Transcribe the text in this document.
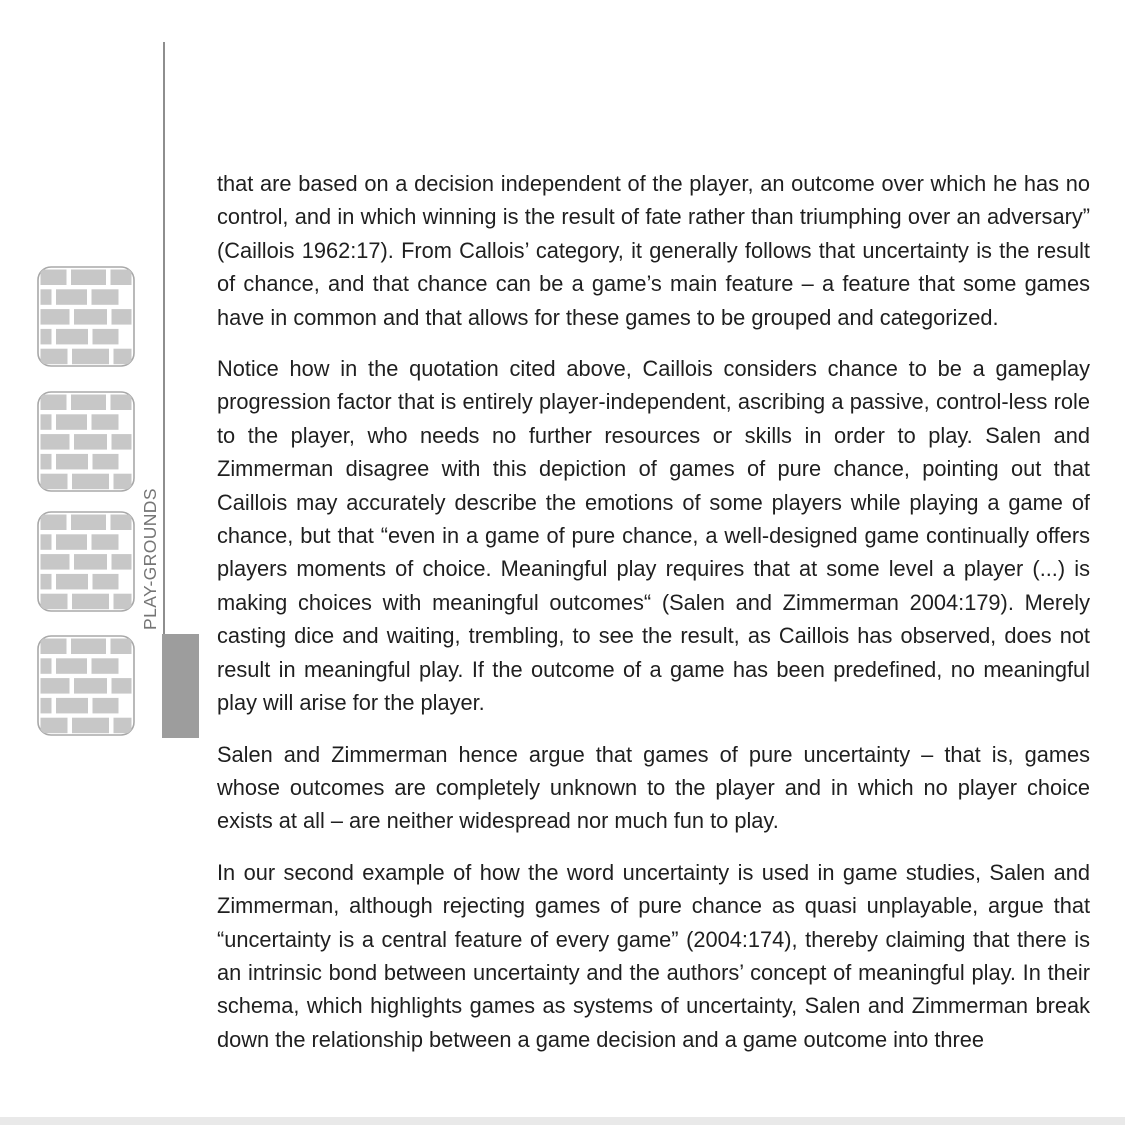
PLAY-GROUNDS
332

that are based on a decision independent of the player, an outcome over which he has no control, and in which winning is the result of fate rather than triumphing over an adversary” (Caillois 1962:17). From Callois’ category, it generally follows that uncertainty is the result of chance, and that chance can be a game’s main feature – a feature that some games have in common and that allows for these games to be grouped and categorized.

Notice how in the quotation cited above, Caillois considers chance to be a gameplay progression factor that is entirely player-independent, ascribing a passive, control-less role to the player, who needs no further resources or skills in order to play. Salen and Zimmerman disagree with this depiction of games of pure chance, pointing out that Caillois may accurately describe the emotions of some players while playing a game of chance, but that “even in a game of pure chance, a well-designed game continually offers players moments of choice. Meaningful play requires that at some level a player (...) is making choices with meaningful outcomes“ (Salen and Zimmerman 2004:179). Merely casting dice and waiting, trembling, to see the result, as Caillois has observed, does not result in meaningful play. If the outcome of a game has been predefined, no meaningful play will arise for the player.

Salen and Zimmerman hence argue that games of pure uncertainty – that is, games whose outcomes are completely unknown to the player and in which no player choice exists at all – are neither widespread nor much fun to play.

In our second example of how the word uncertainty is used in game studies, Salen and Zimmerman, although rejecting games of pure chance as quasi unplayable, argue that “uncertainty is a central feature of every game” (2004:174), thereby claiming that there is an intrinsic bond between uncertainty and the authors’ concept of meaningful play. In their schema, which highlights games as systems of uncertainty, Salen and Zimmerman break down the relationship between a game decision and a game outcome into three
